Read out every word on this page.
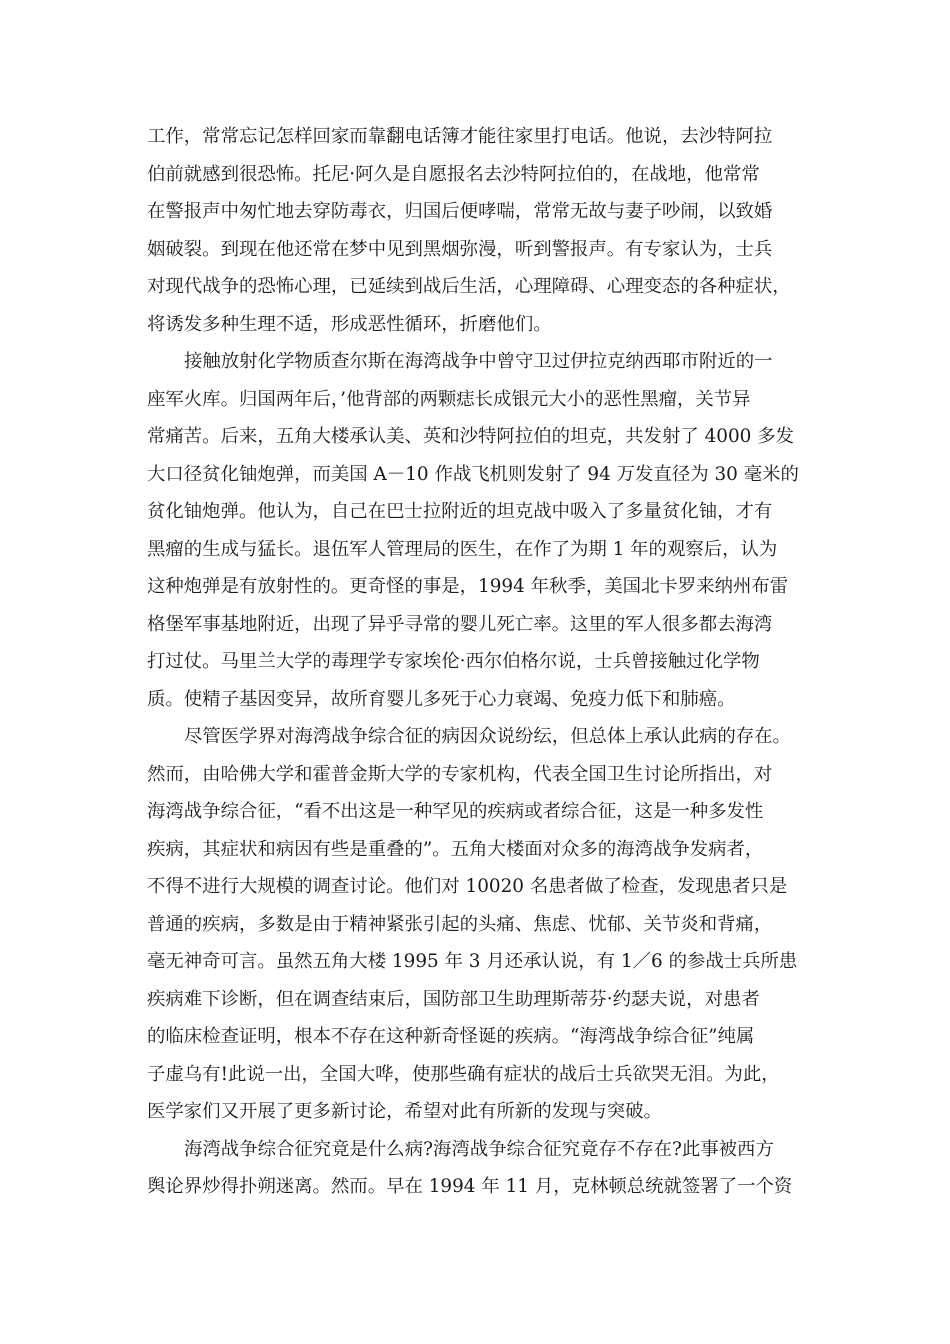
工作，常常忘记怎样回家而靠翻电话簿才能往家里打电话。他说，去沙特阿拉
伯前就感到很恐怖。托尼·阿久是自愿报名去沙特阿拉伯的，在战地，他常常
在警报声中匆忙地去穿防毒衣，归国后便哮喘，常常无故与妻子吵闹，以致婚
姻破裂。到现在他还常在梦中见到黑烟弥漫，听到警报声。有专家认为，士兵
对现代战争的恐怖心理，已延续到战后生活，心理障碍、心理变态的各种症状，
将诱发多种生理不适，形成恶性循环，折磨他们。
接触放射化学物质查尔斯在海湾战争中曾守卫过伊拉克纳西耶市附近的一
座军火库。归国两年后，’他背部的两颗痣长成银元大小的恶性黑瘤，关节异
常痛苦。后来，五角大楼承认美、英和沙特阿拉伯的坦克，共发射了 4000 多发
大口径贫化铀炮弹，而美国 A－10 作战飞机则发射了 94 万发直径为 30 毫米的
贫化铀炮弹。他认为，自己在巴士拉附近的坦克战中吸入了多量贫化铀，才有
黑瘤的生成与猛长。退伍军人管理局的医生，在作了为期 1 年的观察后，认为
这种炮弹是有放射性的。更奇怪的事是，1994 年秋季，美国北卡罗来纳州布雷
格堡军事基地附近，出现了异乎寻常的婴儿死亡率。这里的军人很多都去海湾
打过仗。马里兰大学的毒理学专家埃伦·西尔伯格尔说，士兵曾接触过化学物
质。使精子基因变异，故所育婴儿多死于心力衰竭、免疫力低下和肺癌。
尽管医学界对海湾战争综合征的病因众说纷纭，但总体上承认此病的存在。
然而，由哈佛大学和霍普金斯大学的专家机构，代表全国卫生讨论所指出，对
海湾战争综合征，“看不出这是一种罕见的疾病或者综合征，这是一种多发性
疾病，其症状和病因有些是重叠的”。五角大楼面对众多的海湾战争发病者，
不得不进行大规模的调查讨论。他们对 10020 名患者做了检查，发现患者只是
普通的疾病，多数是由于精神紧张引起的头痛、焦虑、忧郁、关节炎和背痛，
毫无神奇可言。虽然五角大楼 1995 年 3 月还承认说，有 1／6 的参战士兵所患
疾病难下诊断，但在调查结束后，国防部卫生助理斯蒂芬·约瑟夫说，对患者
的临床检查证明，根本不存在这种新奇怪诞的疾病。“海湾战争综合征”纯属
子虚乌有!此说一出，全国大哗，使那些确有症状的战后士兵欲哭无泪。为此，
医学家们又开展了更多新讨论，希望对此有所新的发现与突破。
海湾战争综合征究竟是什么病?海湾战争综合征究竟存不存在?此事被西方
舆论界炒得扑朔迷离。然而。早在 1994 年 11 月，克林顿总统就签署了一个资
